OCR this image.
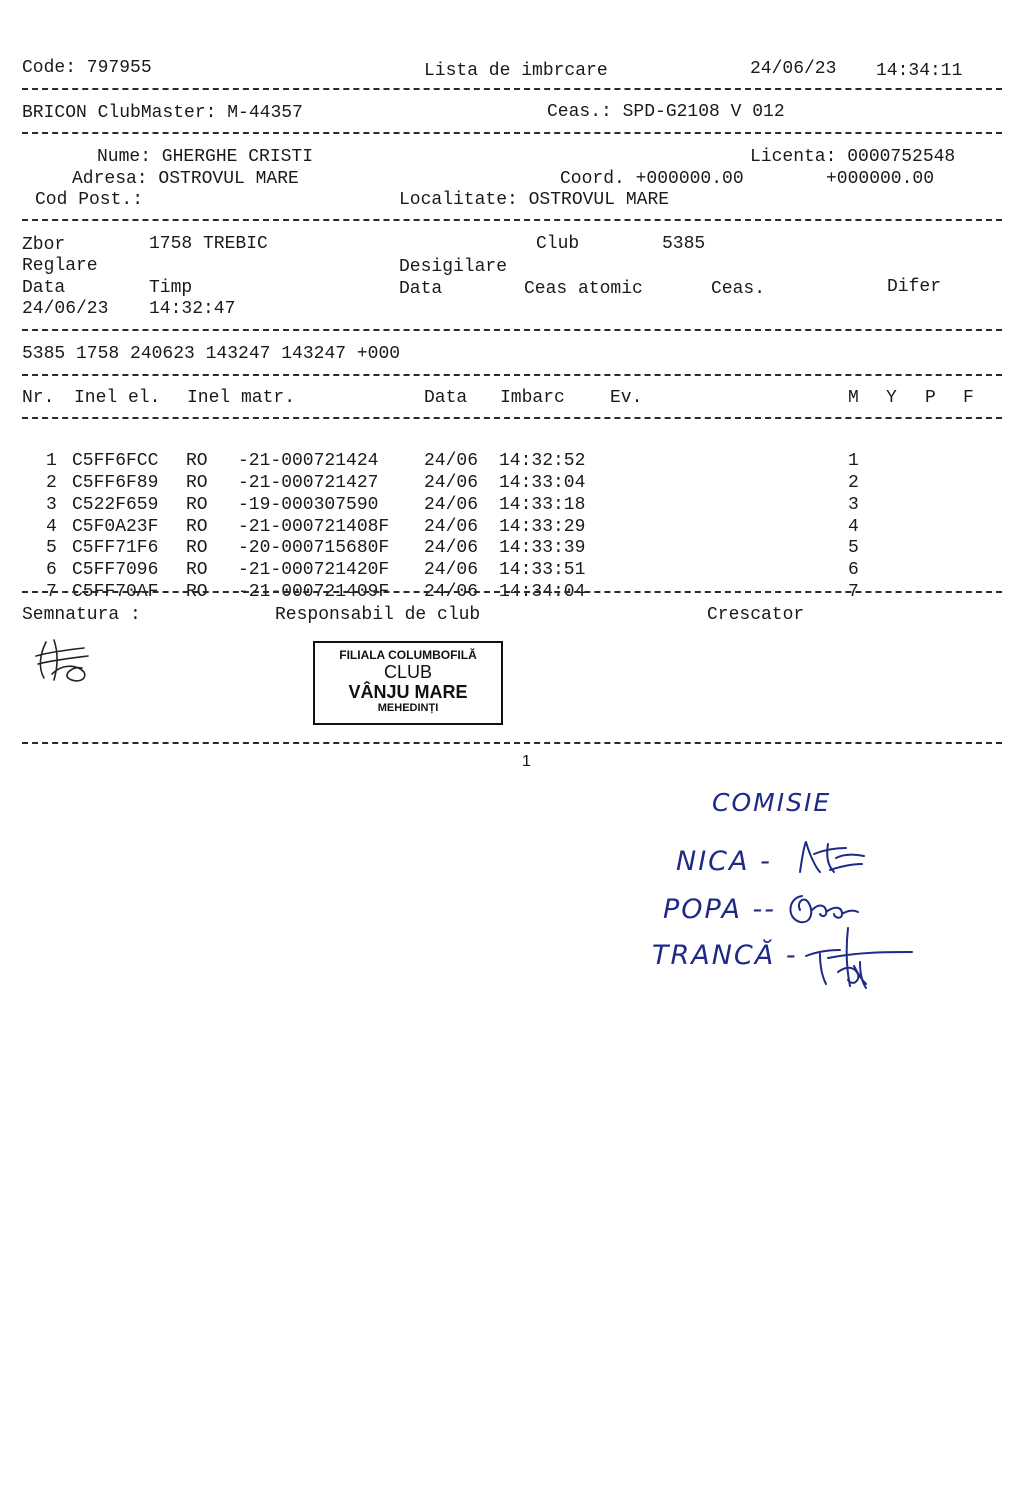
Code: 797955	Lista de imbrcare	24/06/23 14:34:11
BRICON ClubMaster: M-44357	Ceas.: SPD-G2108 V 012
Nume: GHERGHE CRISTI	Licenta: 0000752548
Adresa: OSTROVUL MARE	Coord. +000000.00	+000000.00
Cod Post.:	Localitate: OSTROVUL MARE
Zbor	1758 TREBIC	Club	5385
Reglare	Desigilare
Data	Timp	Data	Ceas atomic	Ceas.	Difer
24/06/23 14:32:47
5385 1758 240623 143247 143247 +000
Nr. Inel el. Inel matr.	Data Imbarc	Ev.	M Y P F

1 C5FF6FCC RO -21-000721424	24/06 14:32:52	1

2 C5FF6F89 RO -21-000721427	24/06 14:33:04	2

3 C522F659 RO -19-000307590	24/06 14:33:18	3

4 C5F0A23F RO -21-000721408F 24/06 14:33:29	4

5 C5FF71F6 RO -20-000715680F 24/06 14:33:39	5

6 C5FF7096 RO -21-000721420F 24/06 14:33:51	6

7 C5FF70AF RO -21-000721409F 24/06 14:34:04	7

Semnatura :	Responsabil de club	Crescator
FILIALA COLUMBOFILĂ
CLUB
VÂNJU MARE
MEHEDINȚI
1
COMISIE
NICA -
POPA --
TRANCĂ -
